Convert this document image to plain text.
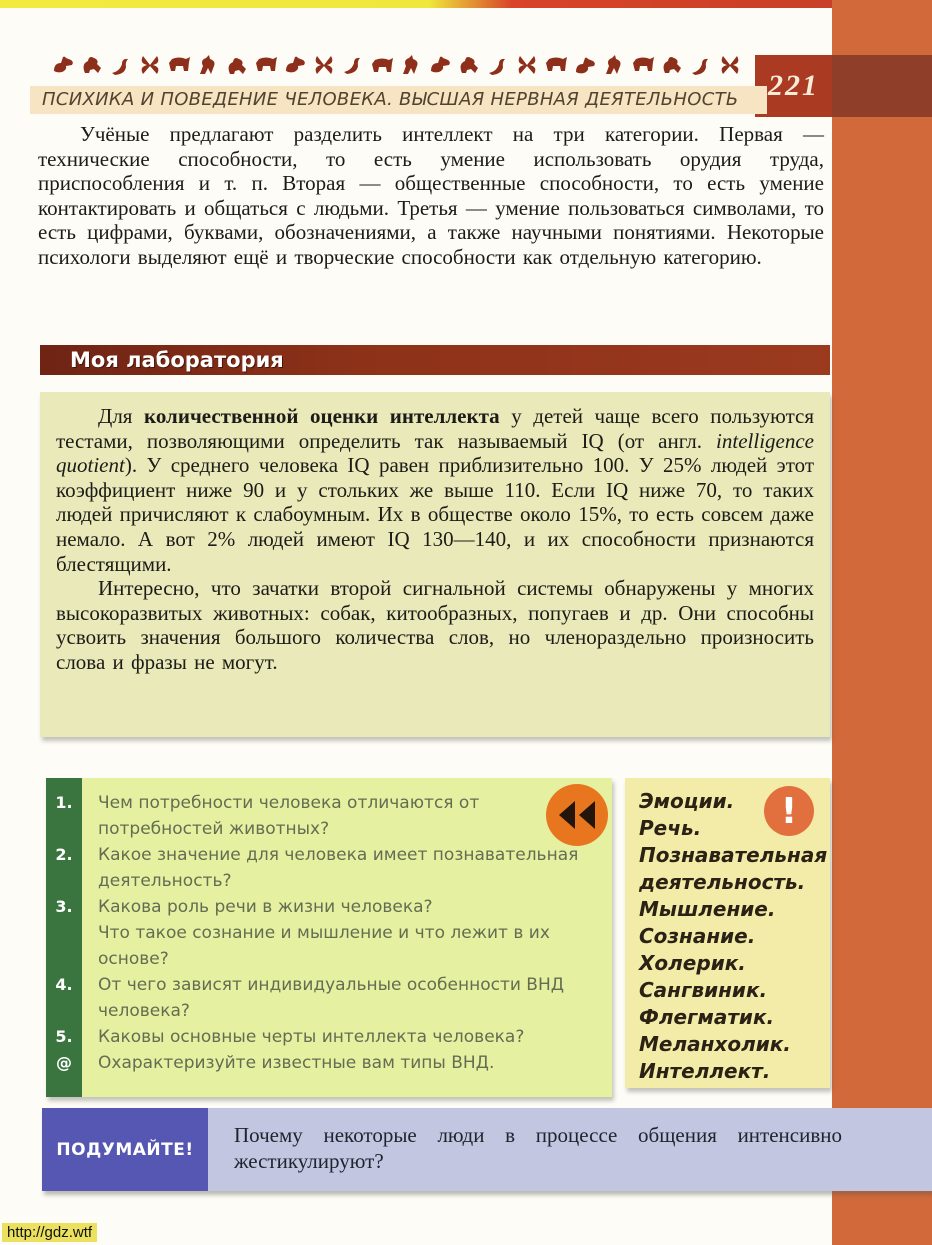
221
ПСИХИКА И ПОВЕДЕНИЕ ЧЕЛОВЕКА. ВЫСШАЯ НЕРВНАЯ ДЕЯТЕЛЬНОСТЬ

Учёные предлагают разделить интеллект на три категории. Первая — технические способности, то есть умение использовать орудия труда, приспособления и т. п. Вторая — общественные способности, то есть умение контактировать и общаться с людьми. Третья — умение пользоваться символами, то есть цифрами, буквами, обозначениями, а также научными понятиями. Некоторые психологи выделяют ещё и творческие способности как отдельную категорию.

Моя лаборатория

Для количественной оценки интеллекта у детей чаще всего пользуются тестами, позволяющими определить так называемый IQ (от англ. intelligence quotient). У среднего человека IQ равен приблизительно 100. У 25% людей этот коэффициент ниже 90 и у стольких же выше 110. Если IQ ниже 70, то таких людей причисляют к слабоумным. Их в обществе около 15%, то есть совсем даже немало. А вот 2% людей имеют IQ 130—140, и их способности признаются блестящими.

Интересно, что зачатки второй сигнальной системы обнаружены у многих высокоразвитых животных: собак, китообразных, попугаев и др. Они способны усвоить значения большого количества слов, но членораздельно произносить слова и фразы не могут.

1.	Чем потребности человека отличаются от потребностей животных?
2.	Какое значение для человека имеет познавательная деятельность?
3.	Какова роль речи в жизни человека?
Что такое сознание и мышление и что лежит в их основе?
4.	От чего зависят индивидуальные особенности ВНД человека?
5.	Каковы основные черты интеллекта человека?
@	Охарактеризуйте известные вам типы ВНД.
!
Эмоции.
Речь.
Познавательная деятельность.
Мышление.
Сознание.
Холерик.
Сангвиник.
Флегматик.
Меланхолик.
Интеллект.
ПОДУМАЙТЕ!
Почему некоторые люди в процессе общения интенсивно жестикулируют?
http://gdz.wtf
